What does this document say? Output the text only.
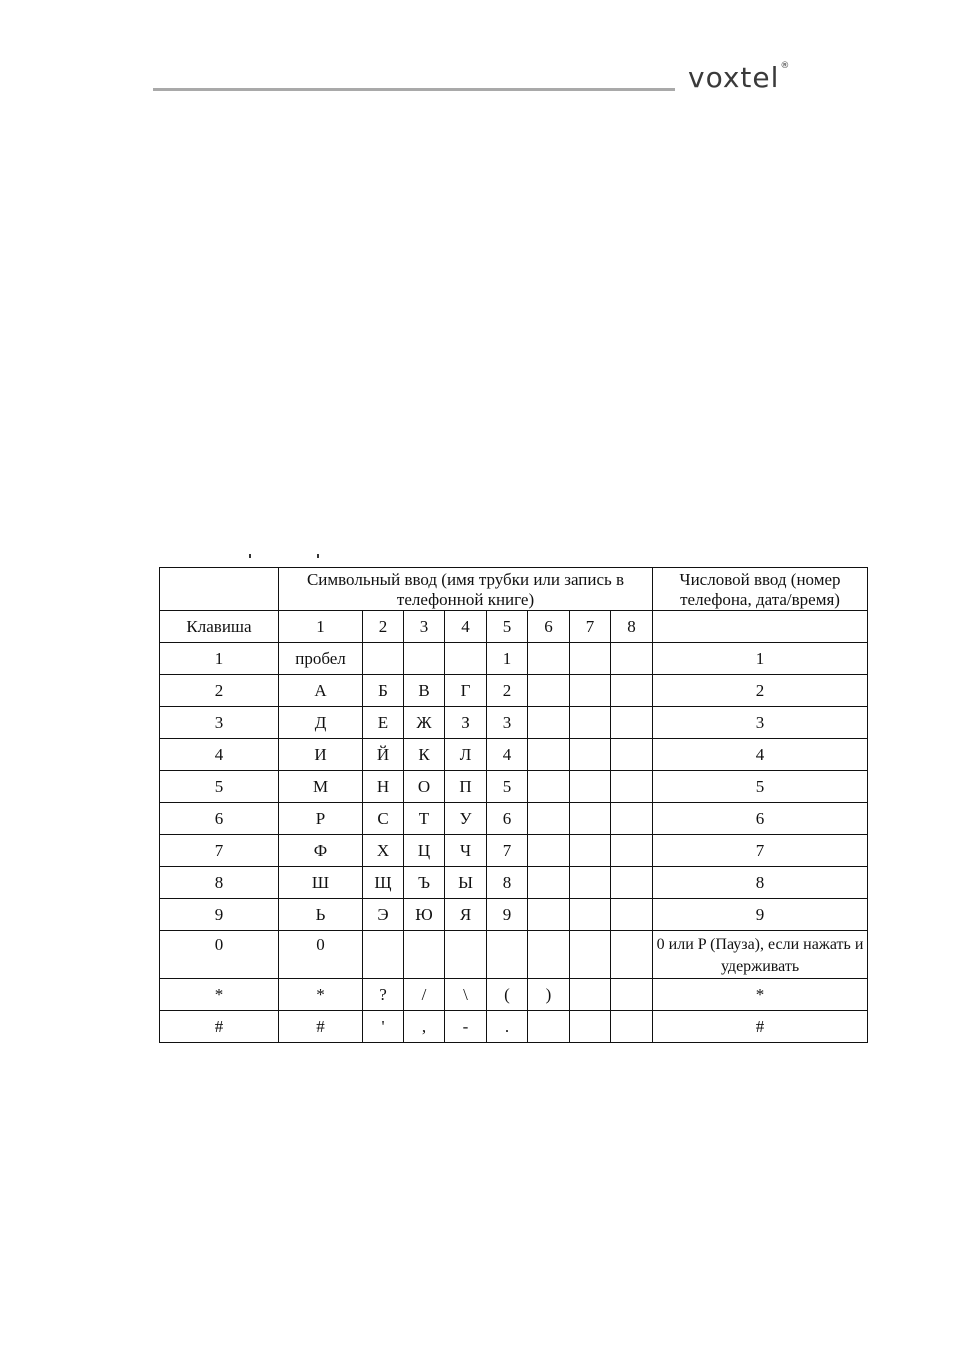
voxtel®
	Символьный ввод (имя трубки или запись в телефонной книге)								Числовой ввод (номер телефона, дата/время)
Клавиша	1	2	3	4	5	6	7	8	
1	пробел				1				1
2	А	Б	В	Г	2				2
3	Д	Е	Ж	З	3				3
4	И	Й	К	Л	4				4
5	М	Н	О	П	5				5
6	Р	С	Т	У	6				6
7	Ф	Х	Ц	Ч	7				7
8	Ш	Щ	Ъ	Ы	8				8
9	Ь	Э	Ю	Я	9				9
0	0								0 или P (Пауза), если нажать и удерживать
*	*	?	/	\	(	)			*
#	#	'	,	-	.				#
